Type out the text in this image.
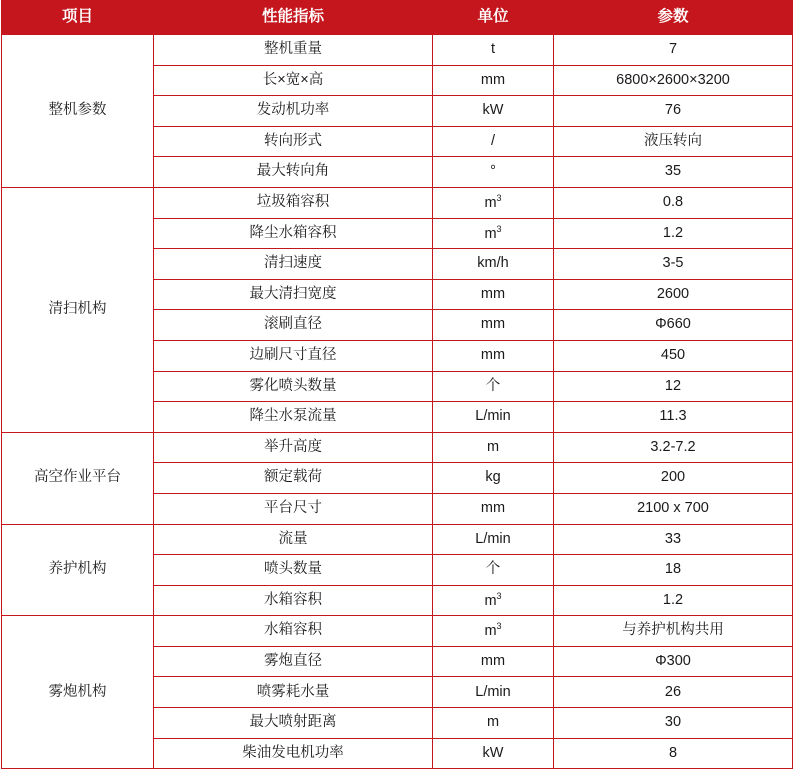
项目	性能指标	单位	参数
整机参数	整机重量	t	7
	长×宽×高	mm	6800×2600×3200
	发动机功率	kW	76
	转向形式	/	液压转向
	最大转向角	°	35
清扫机构	垃圾箱容积	$m^3$	0.8
	降尘水箱容积	$m^3$	1.2
	清扫速度	km/h	3-5
	最大清扫宽度	mm	2600
	滚刷直径	mm	Φ660
	边刷尺寸直径	mm	450
	雾化喷头数量	个	12
	降尘水泵流量	L/min	11.3
高空作业平台	举升高度	m	3.2-7.2
	额定载荷	kg	200
	平台尺寸	mm	2100 x 700
养护机构	流量	L/min	33
	喷头数量	个	18
	水箱容积	$m^3$	1.2
雾炮机构	水箱容积	$m^3$	与养护机构共用
	雾炮直径	mm	Φ300
	喷雾耗水量	L/min	26
	最大喷射距离	m	30
	柴油发电机功率	kW	8
